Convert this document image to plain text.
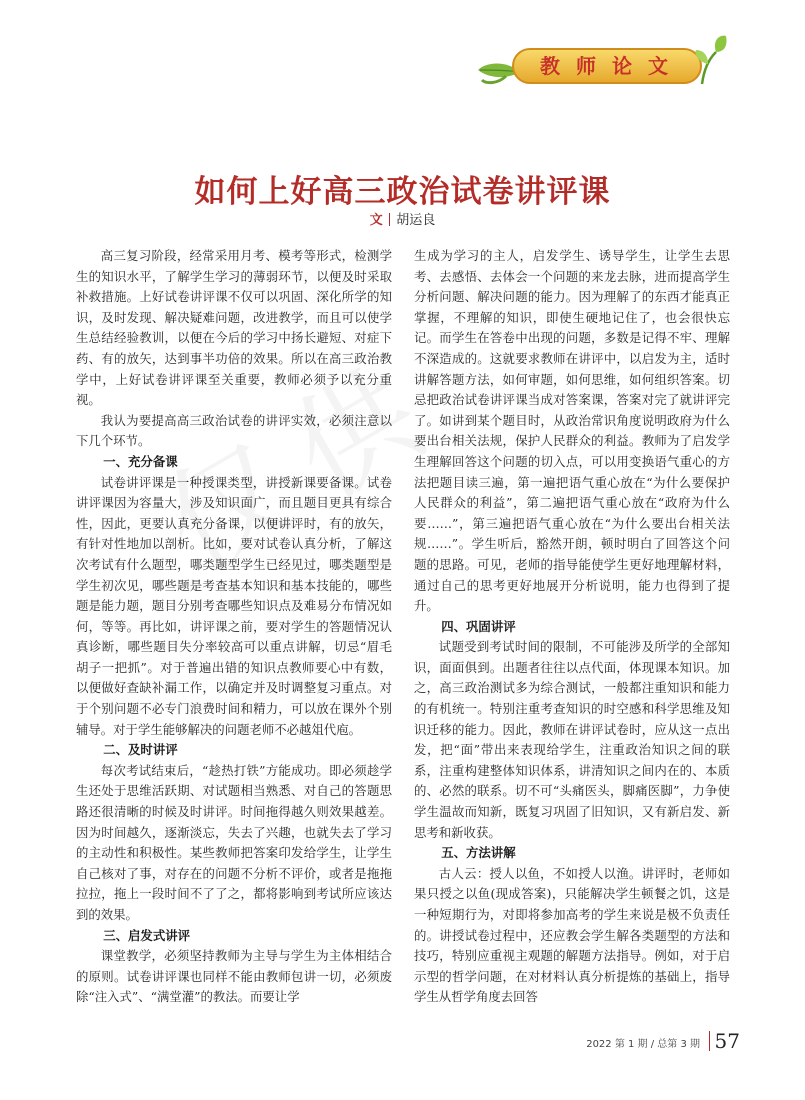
教师论文
如何上好高三政治试卷讲评课
文 胡运良

高三复习阶段，经常采用月考、模考等形式，检测学生的知识水平，了解学生学习的薄弱环节，以便及时采取补救措施。上好试卷讲评课不仅可以巩固、深化所学的知识，及时发现、解决疑难问题，改进教学，而且可以使学生总结经验教训，以便在今后的学习中扬长避短、对症下药、有的放矢，达到事半功倍的效果。所以在高三政治教学中，上好试卷讲评课至关重要，教师必须予以充分重视。

我认为要提高高三政治试卷的讲评实效，必须注意以下几个环节。

一、充分备课

试卷讲评课是一种授课类型，讲授新课要备课。试卷讲评课因为容量大，涉及知识面广，而且题目更具有综合性，因此，更要认真充分备课，以便讲评时，有的放矢，有针对性地加以剖析。比如，要对试卷认真分析，了解这次考试有什么题型，哪类题型学生已经见过，哪类题型是学生初次见，哪些题是考查基本知识和基本技能的，哪些题是能力题，题目分别考查哪些知识点及难易分布情况如何，等等。再比如，讲评课之前，要对学生的答题情况认真诊断，哪些题目失分率较高可以重点讲解，切忌“眉毛胡子一把抓”。对于普遍出错的知识点教师要心中有数，以便做好查缺补漏工作，以确定并及时调整复习重点。对于个别问题不必专门浪费时间和精力，可以放在课外个别辅导。对于学生能够解决的问题老师不必越俎代庖。

二、及时讲评

每次考试结束后，“趁热打铁”方能成功。即必须趁学生还处于思维活跃期、对试题相当熟悉、对自己的答题思路还很清晰的时候及时讲评。时间拖得越久则效果越差。因为时间越久，逐渐淡忘，失去了兴趣，也就失去了学习的主动性和积极性。某些教师把答案印发给学生，让学生自己核对了事，对存在的问题不分析不评价，或者是拖拖拉拉，拖上一段时间不了了之，都将影响到考试所应该达到的效果。

三、启发式讲评

课堂教学，必须坚持教师为主导与学生为主体相结合的原则。试卷讲评课也同样不能由教师包讲一切，必须废除“注入式”、“满堂灌”的教法。而要让学

生成为学习的主人，启发学生、诱导学生，让学生去思考、去感悟、去体会一个问题的来龙去脉，进而提高学生分析问题、解决问题的能力。因为理解了的东西才能真正掌握，不理解的知识，即使生硬地记住了，也会很快忘记。而学生在答卷中出现的问题，多数是记得不牢、理解不深造成的。这就要求教师在讲评中，以启发为主，适时讲解答题方法，如何审题，如何思维，如何组织答案。切忌把政治试卷讲评课当成对答案课，答案对完了就讲评完了。如讲到某个题目时，从政治常识角度说明政府为什么要出台相关法规，保护人民群众的利益。教师为了启发学生理解回答这个问题的切入点，可以用变换语气重心的方法把题目读三遍，第一遍把语气重心放在“为什么要保护人民群众的利益”，第二遍把语气重心放在“政府为什么要……”，第三遍把语气重心放在“为什么要出台相关法规……”。学生听后，豁然开朗，顿时明白了回答这个问题的思路。可见，老师的指导能使学生更好地理解材料，通过自己的思考更好地展开分析说明，能力也得到了提升。

四、巩固讲评

试题受到考试时间的限制，不可能涉及所学的全部知识，面面俱到。出题者往往以点代面，体现课本知识。加之，高三政治测试多为综合测试，一般都注重知识和能力的有机统一。特别注重考查知识的时空感和科学思维及知识迁移的能力。因此，教师在讲评试卷时，应从这一点出发，把“面”带出来表现给学生，注重政治知识之间的联系，注重构建整体知识体系，讲清知识之间内在的、本质的、必然的联系。切不可“头痛医头，脚痛医脚”，力争使学生温故而知新，既复习巩固了旧知识，又有新启发、新思考和新收获。

五、方法讲解

古人云：授人以鱼，不如授人以渔。讲评时，老师如果只授之以鱼(现成答案)，只能解决学生顿餐之饥，这是一种短期行为，对即将参加高考的学生来说是极不负责任的。讲授试卷过程中，还应教会学生解各类题型的方法和技巧，特别应重视主观题的解题方法指导。例如，对于启示型的哲学问题，在对材料认真分析提炼的基础上，指导学生从哲学角度去回答

2022 第 1 期 / 总第 3 期 57
